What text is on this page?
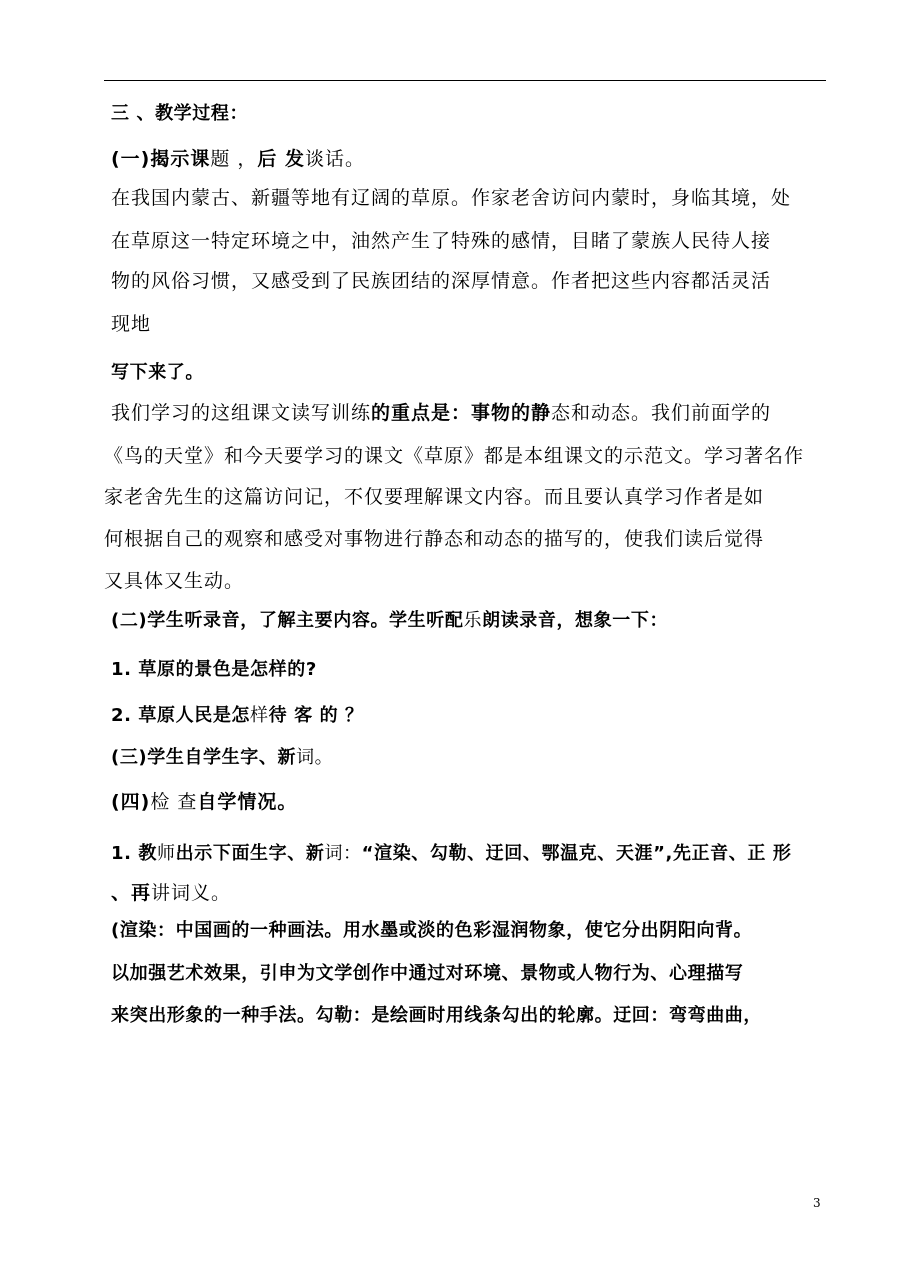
三 、教学过程：
(一)揭示课题 ，后 发谈话。
在我国内蒙古、新疆等地有辽阔的草原。作家老舍访问内蒙时，身临其境，处
在草原这一特定环境之中，油然产生了特殊的感情，目睹了蒙族人民待人接
物的风俗习惯，又感受到了民族团结的深厚情意。作者把这些内容都活灵活
现地
写下来了。
我们学习的这组课文读写训练的重点是：事物的静态和动态。我们前面学的
《鸟的天堂》和今天要学习的课文《草原》都是本组课文的示范文。学习著名作
家老舍先生的这篇访问记，不仅要理解课文内容。而且要认真学习作者是如
何根据自己的观察和感受对事物进行静态和动态的描写的，使我们读后觉得
又具体又生动。
(二)学生听录音，了解主要内容。学生听配乐朗读录音，想象一下：
1. 草原的景色是怎样的?
2. 草原人民是怎样待 客 的 ？
(三)学生自学生字、新词。
(四)检 查自学情况。
1. 教师出示下面生字、新词：“渲染、勾勒、迂回、鄂温克、天涯”,先正音、正 形
、再讲词义。
(渲染：中国画的一种画法。用水墨或淡的色彩湿润物象，使它分出阴阳向背。
以加强艺术效果，引申为文学创作中通过对环境、景物或人物行为、心理描写
来突出形象的一种手法。勾勒：是绘画时用线条勾出的轮廓。迂回：弯弯曲曲，
3
